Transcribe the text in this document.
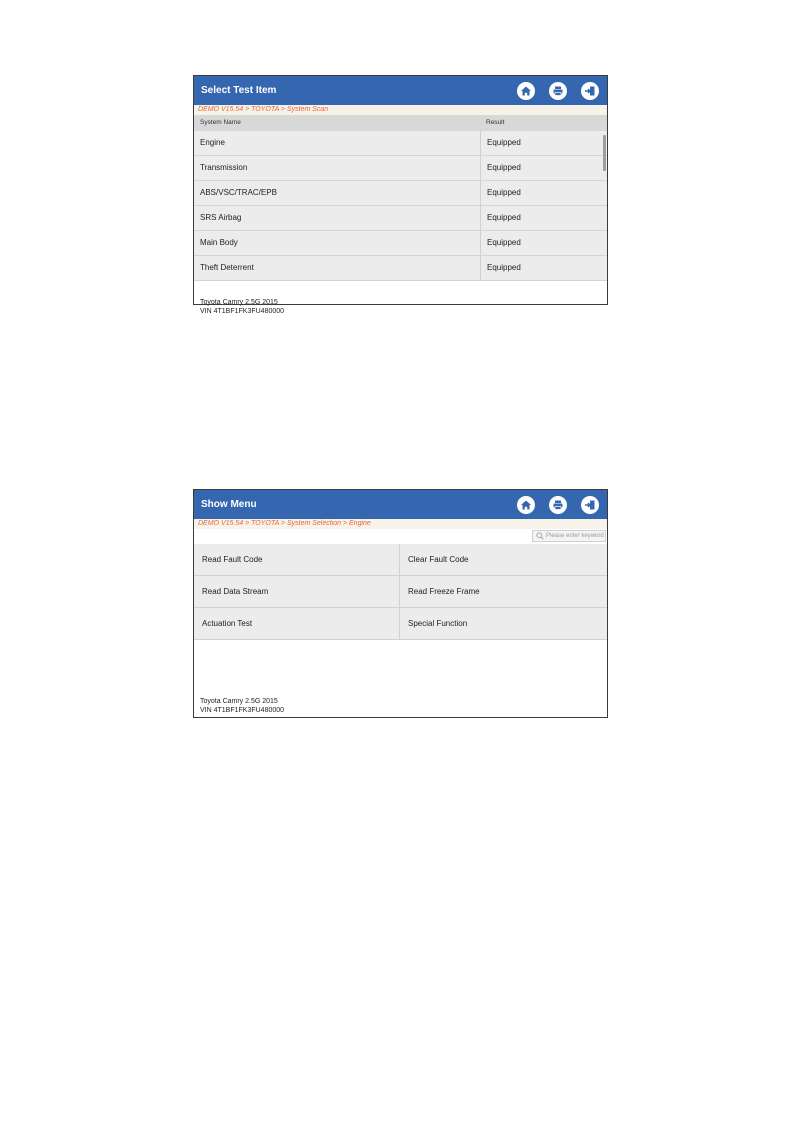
Select Test Item
DEMO V15.54 > TOYOTA > System Scan
System Name	Result
Engine	Equipped
Transmission	Equipped
ABS/VSC/TRAC/EPB	Equipped
SRS Airbag	Equipped
Main Body	Equipped
Theft Deterrent	Equipped
Toyota Camry 2.5G 2015
VIN 4T1BF1FK3FU480000
Show Menu
DEMO V15.54 > TOYOTA > System Selection > Engine
Please enter keyword
Read Fault Code	Clear Fault Code
Read Data Stream	Read Freeze Frame
Actuation Test	Special Function
Toyota Camry 2.5G 2015
VIN 4T1BF1FK3FU480000
